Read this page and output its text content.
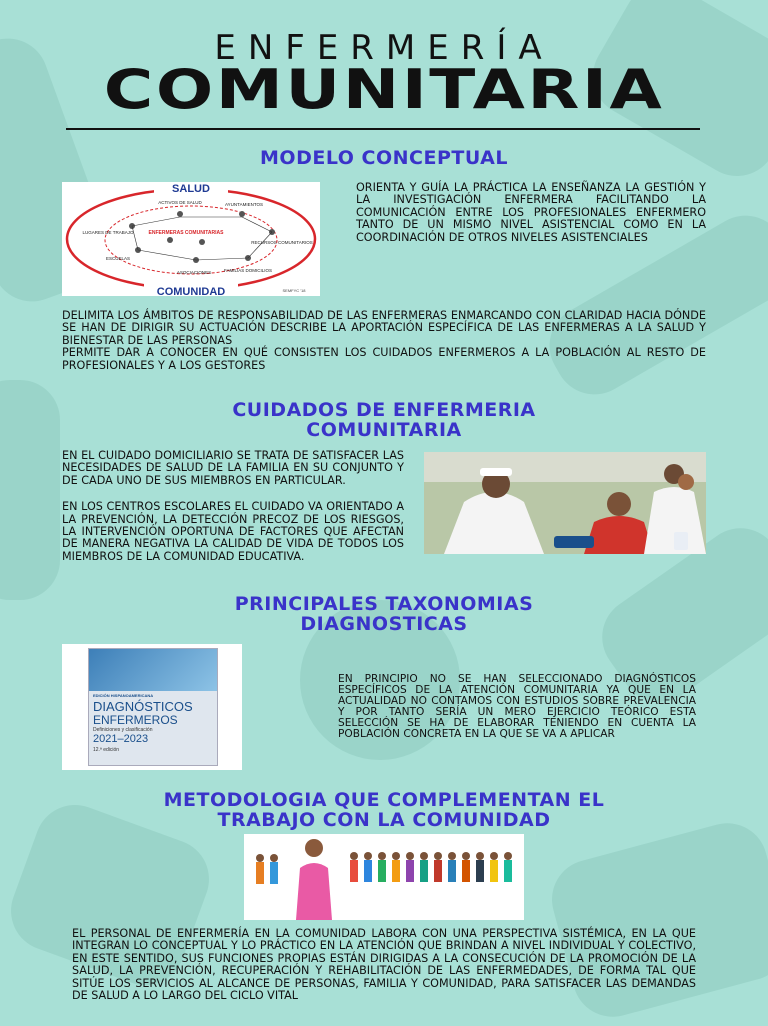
ENFERMERÍA
COMUNITARIA
MODELO CONCEPTUAL
SALUD
COMUNIDAD
ENFERMERAS COMUNITARIAS
ACTIVOS DE SALUD	AYUNTAMIENTOS
RECURSOS COMUNITARIOS
FAMILIAS DOMICILIOS
ASOCIACIONES
ESCUELAS
LUGARES DE TRABAJO
SEMFYC '18
ORIENTA Y GUÍA LA PRÁCTICA LA ENSEÑANZA LA GESTIÓN Y LA INVESTIGACIÓN ENFERMERA FACILITANDO LA COMUNICACIÓN ENTRE LOS PROFESIONALES ENFERMERO TANTO DE UN MISMO NIVEL ASISTENCIAL COMO EN LA COORDINACIÓN DE OTROS NIVELES ASISTENCIALES

DELIMITA LOS ÁMBITOS DE RESPONSABILIDAD DE LAS ENFERMERAS ENMARCANDO CON CLARIDAD HACIA DÓNDE SE HAN DE DIRIGIR SU ACTUACIÓN DESCRIBE LA APORTACIÓN ESPECÍFICA DE LAS ENFERMERAS A LA SALUD Y BIENESTAR DE LAS PERSONAS

PERMITE DAR A CONOCER EN QUÉ CONSISTEN LOS CUIDADOS ENFERMEROS A LA POBLACIÓN AL RESTO DE PROFESIONALES Y A LOS GESTORES

CUIDADOS DE ENFERMERIA
COMUNITARIA

EN EL CUIDADO DOMICILIARIO SE TRATA DE SATISFACER LAS NECESIDADES DE SALUD DE LA FAMILIA EN SU CONJUNTO Y DE CADA UNO DE SUS MIEMBROS EN PARTICULAR.

EN LOS CENTROS ESCOLARES EL CUIDADO VA ORIENTADO A LA PREVENCIÓN, LA DETECCIÓN PRECOZ DE LOS RIESGOS, LA INTERVENCIÓN OPORTUNA DE FACTORES QUE AFECTAN DE MANERA NEGATIVA LA CALIDAD DE VIDA DE TODOS LOS MIEMBROS DE LA COMUNIDAD EDUCATIVA.

PRINCIPALES TAXONOMIAS
DIAGNOSTICAS
EDICIÓN HISPANOAMERICANA
DIAGNÓSTICOS
ENFERMEROS
Definiciones y clasificación
2021–2023
12.ª edición
EN PRINCIPIO NO SE HAN SELECCIONADO DIAGNÓSTICOS ESPECÍFICOS DE LA ATENCIÓN COMUNITARIA YA QUE EN LA ACTUALIDAD NO CONTAMOS CON ESTUDIOS SOBRE PREVALENCIA Y POR TANTO SERÍA UN MERO EJERCICIO TEÓRICO ESTA SELECCIÓN SE HA DE ELABORAR TENIENDO EN CUENTA LA POBLACIÓN CONCRETA EN LA QUE SE VA A APLICAR
METODOLOGIA QUE COMPLEMENTAN EL
TRABAJO CON LA COMUNIDAD
EL PERSONAL DE ENFERMERÍA EN LA COMUNIDAD LABORA CON UNA PERSPECTIVA SISTÉMICA, EN LA QUE INTEGRAN LO CONCEPTUAL Y LO PRÁCTICO EN LA ATENCIÓN QUE BRINDAN A NIVEL INDIVIDUAL Y COLECTIVO, EN ESTE SENTIDO, SUS FUNCIONES PROPIAS ESTÁN DIRIGIDAS A LA CONSECUCIÓN DE LA PROMOCIÓN DE LA SALUD, LA PREVENCIÓN, RECUPERACIÓN Y REHABILITACIÓN DE LAS ENFERMEDADES, DE FORMA TAL QUE SITÚE LOS SERVICIOS AL ALCANCE DE PERSONAS, FAMILIA Y COMUNIDAD, PARA SATISFACER LAS DEMANDAS DE SALUD A LO LARGO DEL CICLO VITAL
